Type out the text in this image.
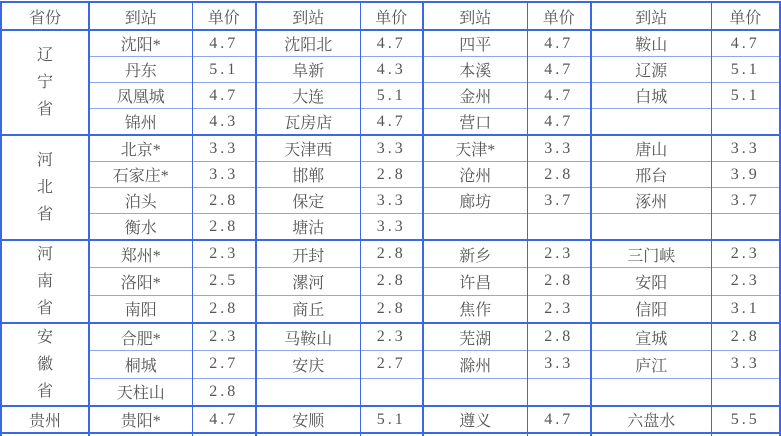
省份	到站	单价	到站	单价	到站	单价	到站	单价

辽
宁
省	沈阳*	4.7	沈阳北	4.7	四平	4.7	鞍山	4.7
	丹东	5.1	阜新	4.3	本溪	4.7	辽源	5.1
	凤凰城	4.7	大连	5.1	金州	4.7	白城	5.1
	锦州	4.3	瓦房店	4.7	营口	4.7		

河
北
省	北京*	3.3	天津西	3.3	天津*	3.3	唐山	3.3
	石家庄*	3.3	邯郸	2.8	沧州	2.8	邢台	3.9
	泊头	2.8	保定	3.3	廊坊	3.7	涿州	3.7
	衡水	2.8	塘沽	3.3				

河
南
省	郑州*	2.3	开封	2.8	新乡	2.3	三门峡	2.3
	洛阳*	2.5	漯河	2.8	许昌	2.8	安阳	2.3
	南阳	2.8	商丘	2.8	焦作	2.3	信阳	3.1

安
徽
省	合肥*	2.3	马鞍山	2.3	芜湖	2.8	宣城	2.8
	桐城	2.7	安庆	2.7	滁州	3.3	庐江	3.3
	天柱山	2.8						
贵州	贵阳*	4.7	安顺	5.1	遵义	4.7	六盘水	5.5
